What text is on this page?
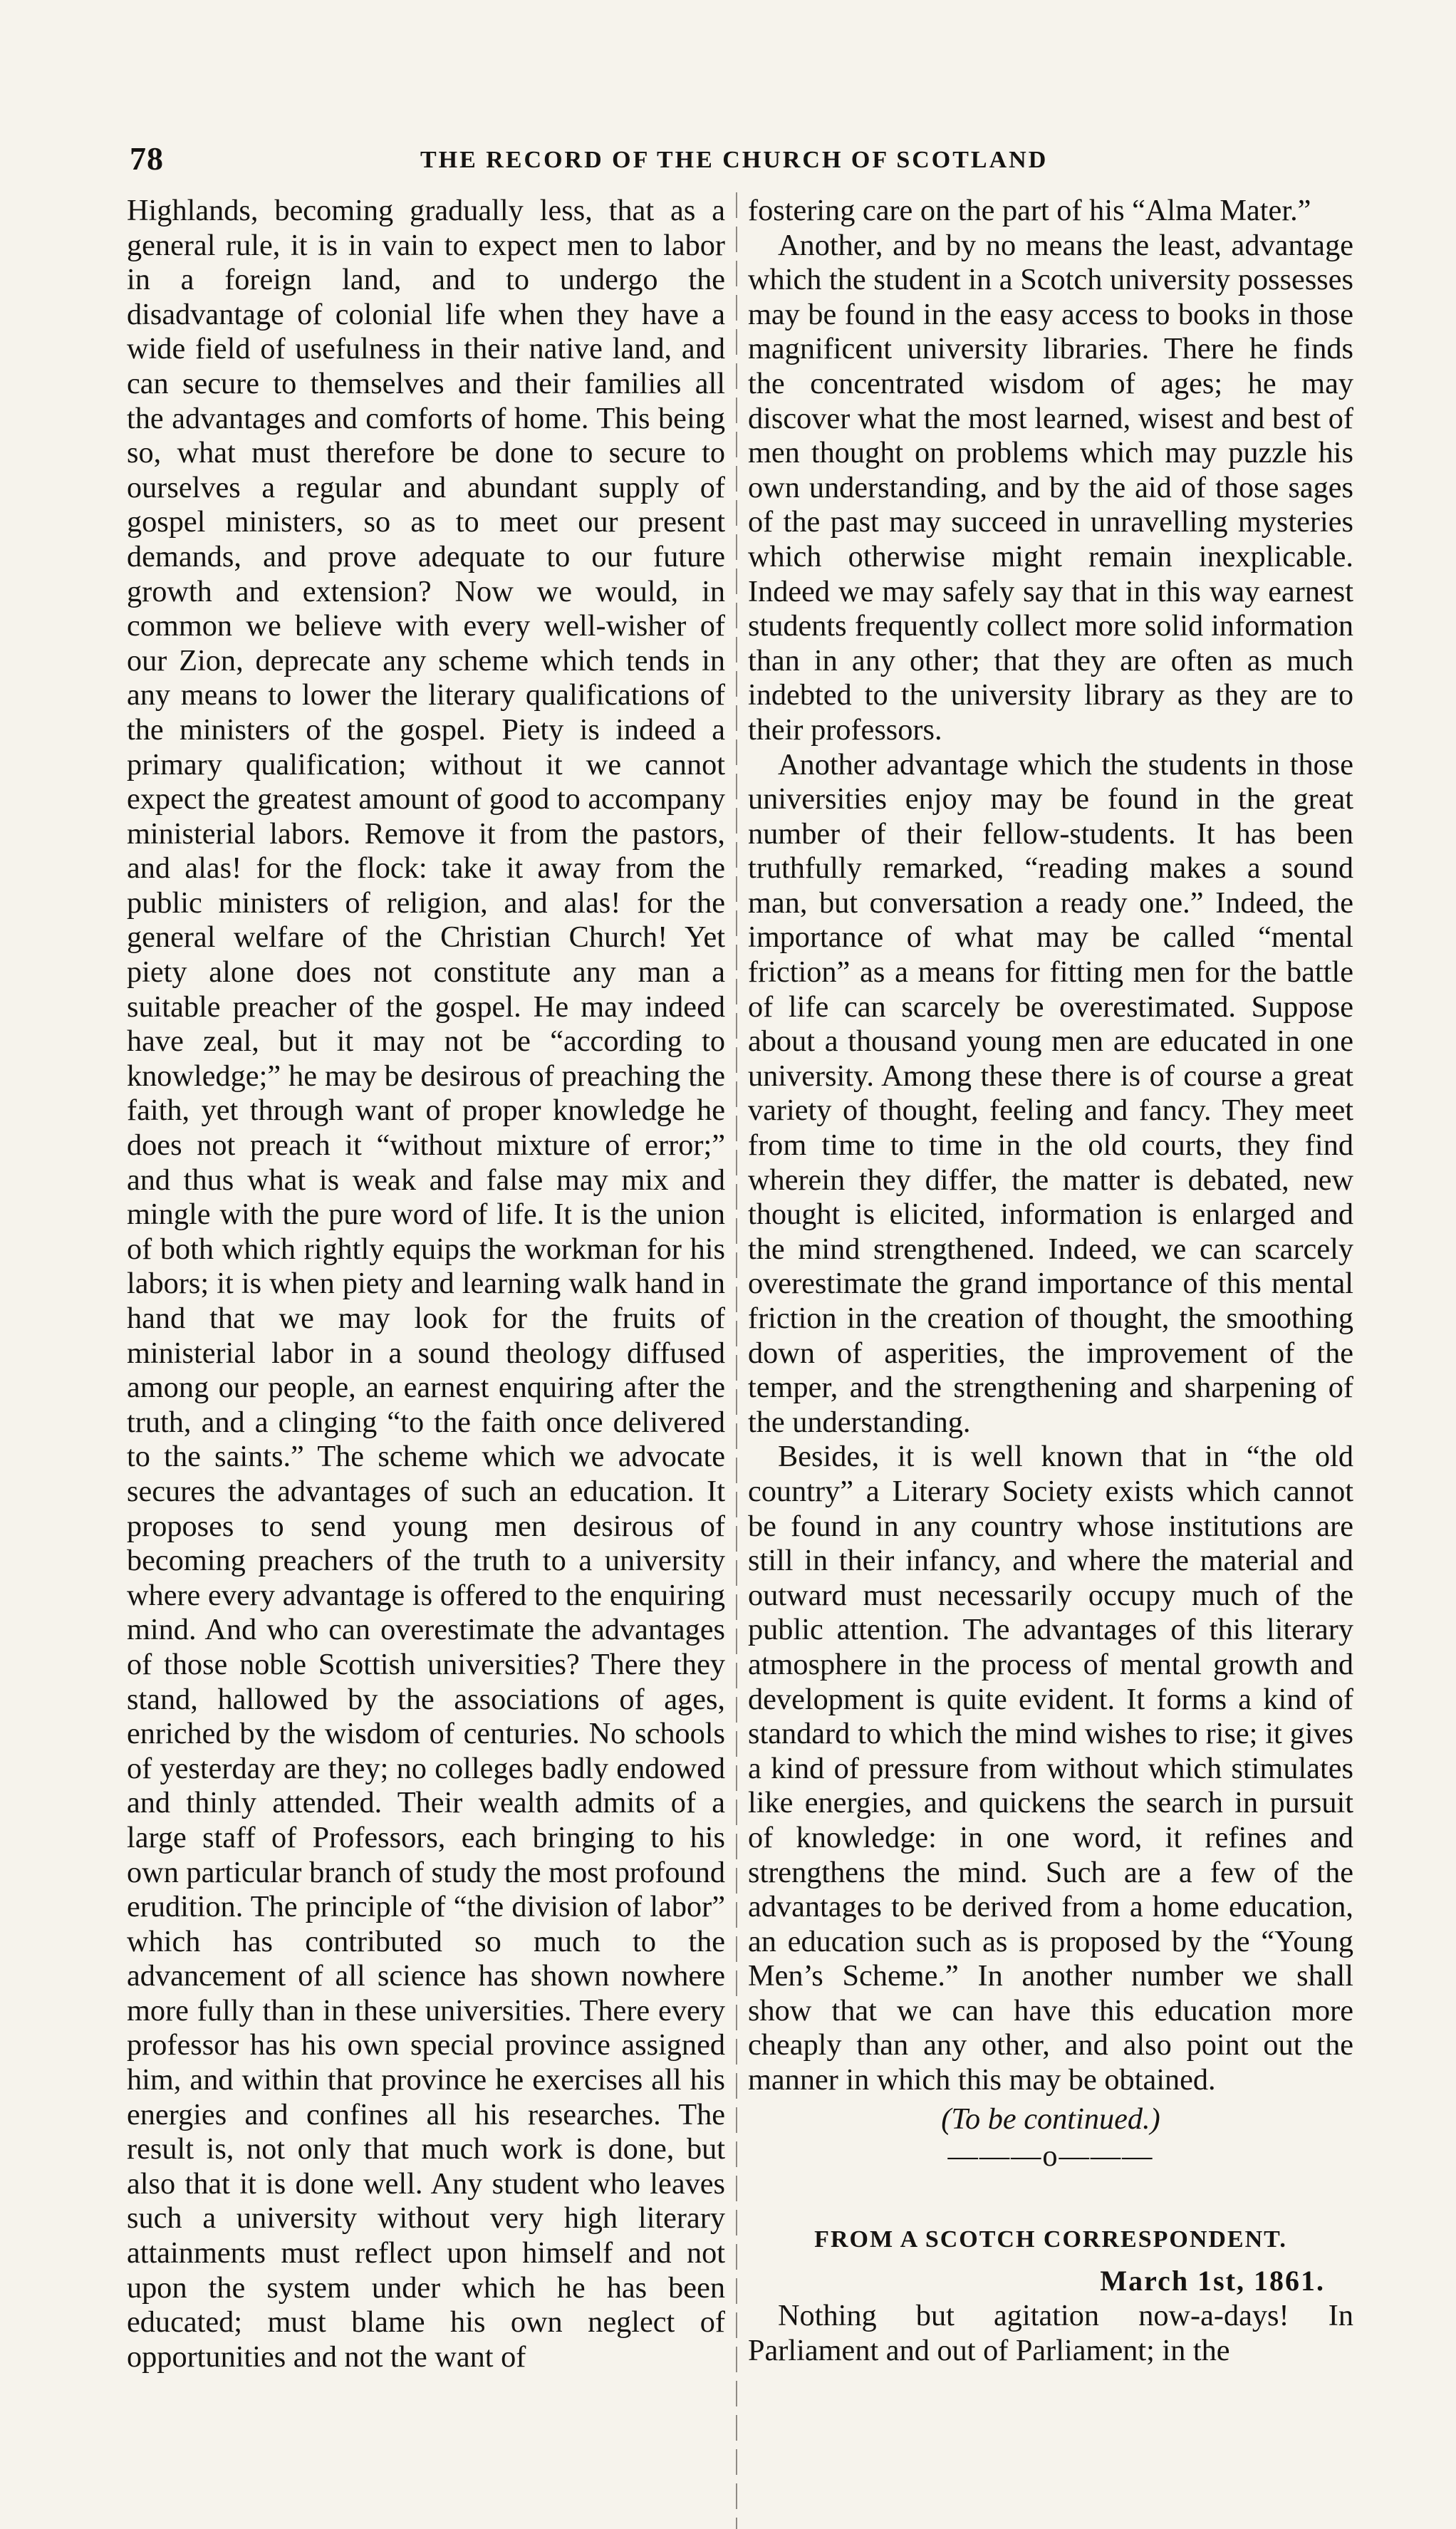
78	THE RECORD OF THE CHURCH OF SCOTLAND

Highlands, becoming gradually less, that as a general rule, it is in vain to expect men to labor in a foreign land, and to undergo the disadvantage of colonial life when they have a wide field of usefulness in their native land, and can secure to themselves and their families all the advantages and comforts of home. This being so, what must therefore be done to secure to ourselves a regular and abundant supply of gospel ministers, so as to meet our present demands, and prove adequate to our future growth and extension? Now we would, in common we believe with every well-wisher of our Zion, deprecate any scheme which tends in any means to lower the literary qualifications of the ministers of the gospel. Piety is indeed a primary qualification; without it we cannot expect the greatest amount of good to accompany ministerial labors. Remove it from the pastors, and alas! for the flock: take it away from the public ministers of religion, and alas! for the general welfare of the Christian Church! Yet piety alone does not constitute any man a suitable preacher of the gospel. He may indeed have zeal, but it may not be “according to knowledge;” he may be desirous of preaching the faith, yet through want of proper knowledge he does not preach it “without mixture of error;” and thus what is weak and false may mix and mingle with the pure word of life. It is the union of both which rightly equips the workman for his labors; it is when piety and learning walk hand in hand that we may look for the fruits of ministerial labor in a sound theology diffused among our people, an earnest enquiring after the truth, and a clinging “to the faith once delivered to the saints.” The scheme which we advocate secures the advantages of such an education. It proposes to send young men desirous of becoming preachers of the truth to a university where every advantage is offered to the enquiring mind. And who can overestimate the advantages of those noble Scottish universities? There they stand, hallowed by the associations of ages, enriched by the wisdom of centuries. No schools of yesterday are they; no colleges badly endowed and thinly attended. Their wealth admits of a large staff of Professors, each bringing to his own particular branch of study the most profound erudition. The principle of “the division of labor” which has contributed so much to the advancement of all science has shown nowhere more fully than in these universities. There every professor has his own special province assigned him, and within that province he exercises all his energies and confines all his researches. The result is, not only that much work is done, but also that it is done well. Any student who leaves such a university without very high literary attainments must reflect upon himself and not upon the system under which he has been educated; must blame his own neglect of opportunities and not the want of

fostering care on the part of his “Alma Mater.”

Another, and by no means the least, advantage which the student in a Scotch university possesses may be found in the easy access to books in those magnificent university libraries. There he finds the concentrated wisdom of ages; he may discover what the most learned, wisest and best of men thought on problems which may puzzle his own understanding, and by the aid of those sages of the past may succeed in unravelling mysteries which otherwise might remain inexplicable. Indeed we may safely say that in this way earnest students frequently collect more solid information than in any other; that they are often as much indebted to the university library as they are to their professors.

Another advantage which the students in those universities enjoy may be found in the great number of their fellow-students. It has been truthfully remarked, “reading makes a sound man, but conversation a ready one.” Indeed, the importance of what may be called “mental friction” as a means for fitting men for the battle of life can scarcely be overestimated. Suppose about a thousand young men are educated in one university. Among these there is of course a great variety of thought, feeling and fancy. They meet from time to time in the old courts, they find wherein they differ, the matter is debated, new thought is elicited, information is enlarged and the mind strengthened. Indeed, we can scarcely overestimate the grand importance of this mental friction in the creation of thought, the smoothing down of asperities, the improvement of the temper, and the strengthening and sharpening of the understanding.

Besides, it is well known that in “the old country” a Literary Society exists which cannot be found in any country whose institutions are still in their infancy, and where the material and outward must necessarily occupy much of the public attention. The advantages of this literary atmosphere in the process of mental growth and development is quite evident. It forms a kind of standard to which the mind wishes to rise; it gives a kind of pressure from without which stimulates like energies, and quickens the search in pursuit of knowledge: in one word, it refines and strengthens the mind. Such are a few of the advantages to be derived from a home education, an education such as is proposed by the “Young Men’s Scheme.” In another number we shall show that we can have this education more cheaply than any other, and also point out the manner in which this may be obtained.

(To be continued.)

———o———

FROM A SCOTCH CORRESPONDENT.

March 1st, 1861.

Nothing but agitation now-a-days! In Parliament and out of Parliament; in the
